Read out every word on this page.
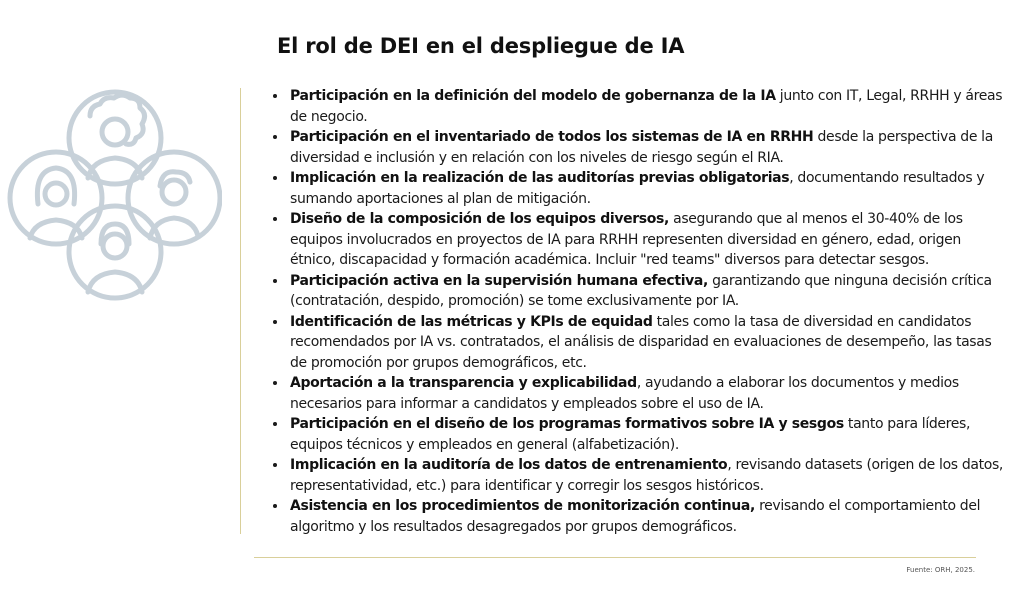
El rol de DEI en el despliegue de IA
• Participación en la definición del modelo de gobernanza de la IA junto con IT, Legal, RRHH y áreas de negocio.
• Participación en el inventariado de todos los sistemas de IA en RRHH desde la perspectiva de la diversidad e inclusión y en relación con los niveles de riesgo según el RIA.
• Implicación en la realización de las auditorías previas obligatorias, documentando resultados y sumando aportaciones al plan de mitigación.
• Diseño de la composición de los equipos diversos, asegurando que al menos el 30-40% de los equipos involucrados en proyectos de IA para RRHH representen diversidad en género, edad, origen étnico, discapacidad y formación académica. Incluir "red teams" diversos para detectar sesgos.
• Participación activa en la supervisión humana efectiva, garantizando que ninguna decisión crítica (contratación, despido, promoción) se tome exclusivamente por IA.
• Identificación de las métricas y KPIs de equidad tales como la tasa de diversidad en candidatos recomendados por IA vs. contratados, el análisis de disparidad en evaluaciones de desempeño, las tasas de promoción por grupos demográficos, etc.
• Aportación a la transparencia y explicabilidad, ayudando a elaborar los documentos y medios necesarios para informar a candidatos y empleados sobre el uso de IA.
• Participación en el diseño de los programas formativos sobre IA y sesgos tanto para líderes, equipos técnicos y empleados en general (alfabetización).
• Implicación en la auditoría de los datos de entrenamiento, revisando datasets (origen de los datos, representatividad, etc.) para identificar y corregir los sesgos históricos.
• Asistencia en los procedimientos de monitorización continua, revisando el comportamiento del algoritmo y los resultados desagregados por grupos demográficos.
Fuente: ORH, 2025.
